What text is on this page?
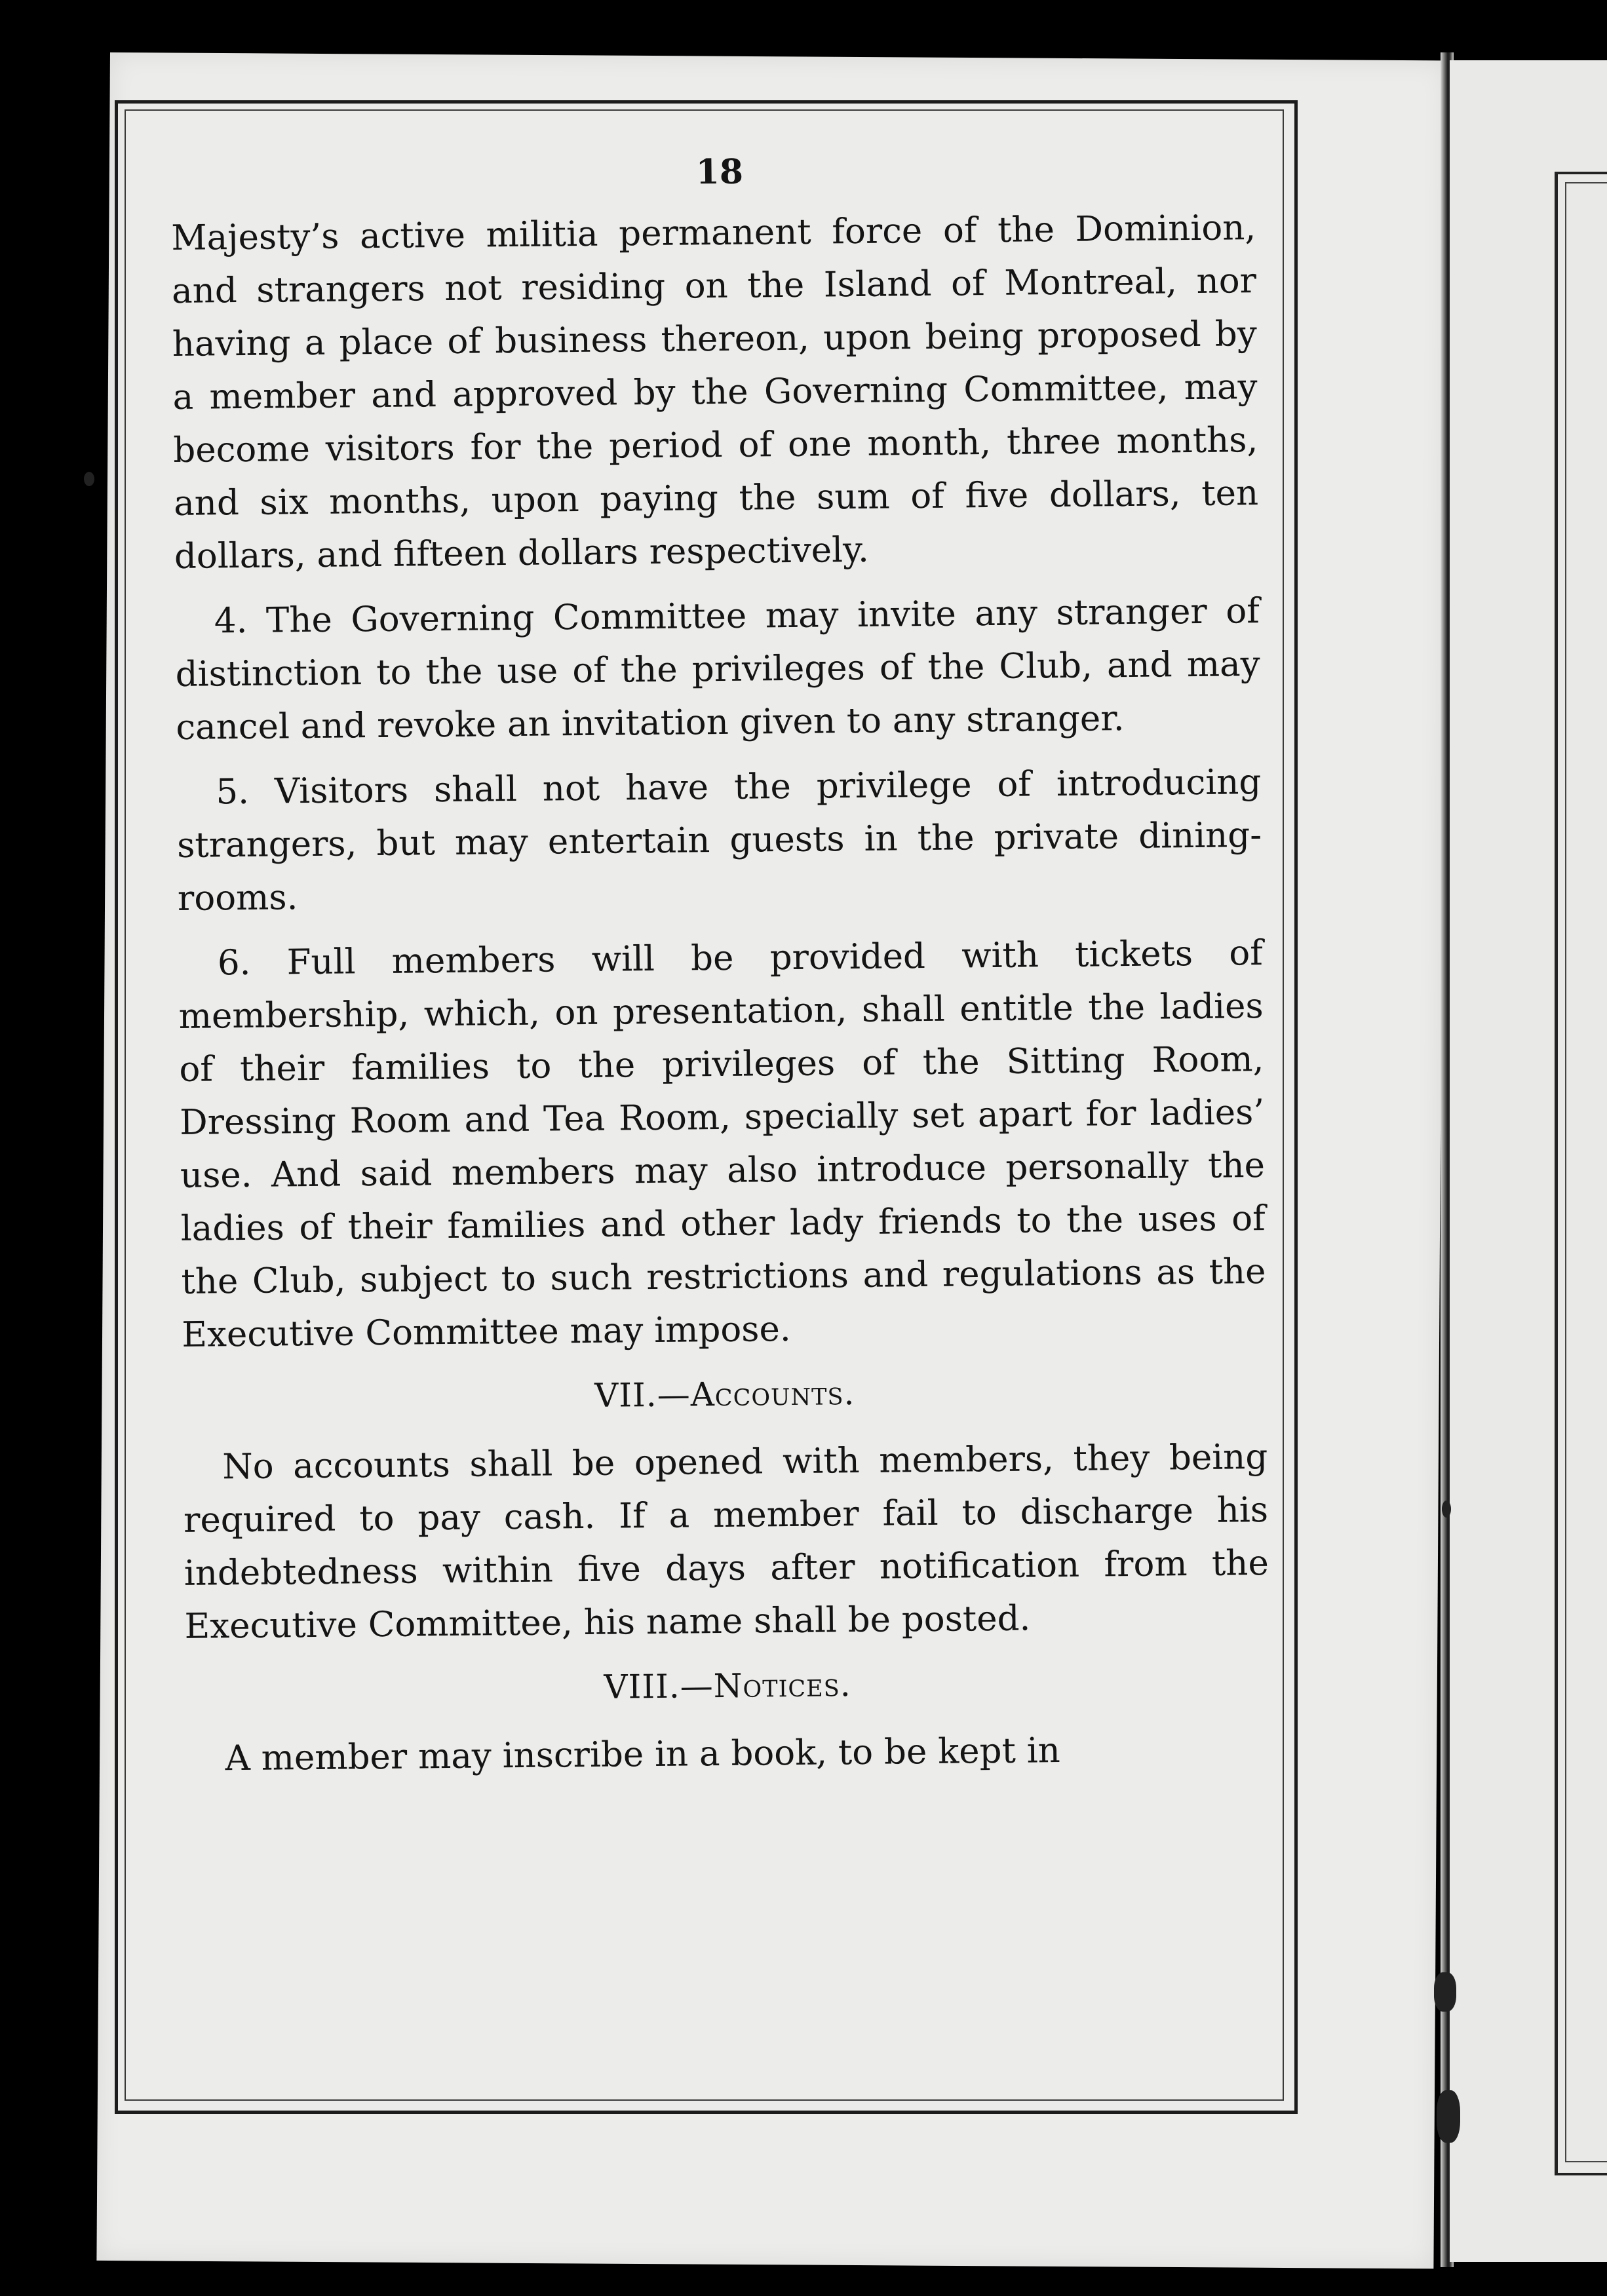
18

Majesty’s active militia permanent force of the Dominion, and strangers not residing on the Island of Montreal, nor having a place of business thereon, upon being proposed by a member and approved by the Governing Committee, may become visitors for the period of one month, three months, and six months, upon paying the sum of five dollars, ten dollars, and fifteen dollars respectively.

4. The Governing Committee may invite any stranger of distinction to the use of the privileges of the Club, and may cancel and revoke an invitation given to any stranger.

5. Visitors shall not have the privilege of introducing strangers, but may entertain guests in the private dining-rooms.

6. Full members will be provided with tickets of membership, which, on presentation, shall entitle the ladies of their families to the privileges of the Sitting Room, Dressing Room and Tea Room, specially set apart for ladies’ use. And said members may also introduce personally the ladies of their families and other lady friends to the uses of the Club, subject to such restrictions and regulations as the Executive Committee may impose.

VII.—Accounts.

No accounts shall be opened with members, they being required to pay cash. If a member fail to discharge his indebtedness within five days after notification from the Executive Committee, his name shall be posted.

VIII.—Notices.

A member may inscribe in a book, to be kept in
